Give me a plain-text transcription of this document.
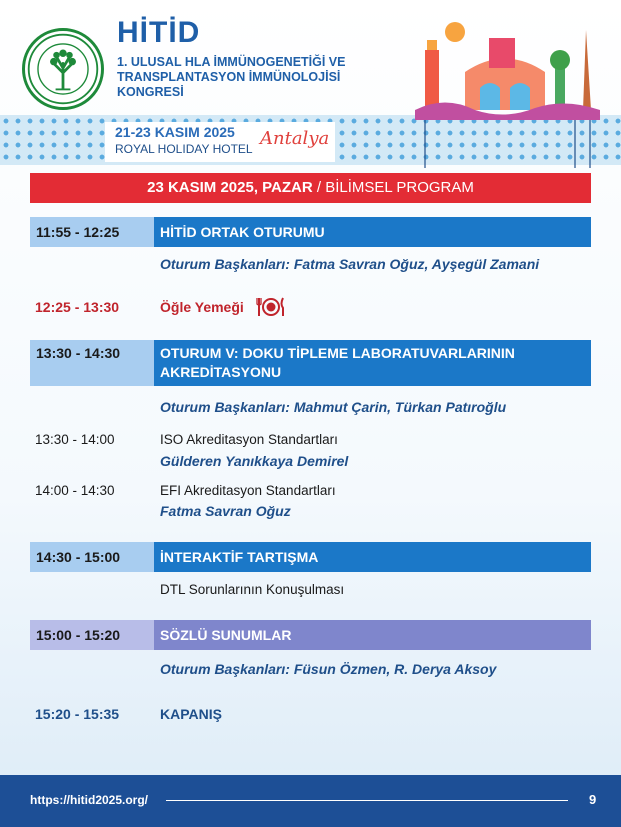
HİTİD
1. ULUSAL HLA İMMÜNOGENETİĞİ VE TRANSPLANTASYON İMMÜNOLOJİSİ KONGRESİ
21-23 KASIM 2025
ROYAL HOLIDAY HOTEL Antalya
23 KASIM 2025, PAZAR / BİLİMSEL PROGRAM
11:55 - 12:25	HİTİD ORTAK OTURUMU
Oturum Başkanları: Fatma Savran Oğuz, Ayşegül Zamani
12:25 - 13:30	Öğle Yemeği
13:30 - 14:30	OTURUM V: DOKU TİPLEME LABORATUVARLARININ AKREDİTASYONU
Oturum Başkanları: Mahmut Çarin, Türkan Patıroğlu
13:30 - 14:00	ISO Akreditasyon Standartları
Gülderen Yanıkkaya Demirel
14:00 - 14:30	EFI Akreditasyon Standartları
Fatma Savran Oğuz
14:30 - 15:00	İNTERAKTİF TARTIŞMA
DTL Sorunlarının Konuşulması
15:00 - 15:20	SÖZLÜ SUNUMLAR
Oturum Başkanları: Füsun Özmen, R. Derya Aksoy
15:20 - 15:35	KAPANIŞ
https://hitid2025.org/	9
